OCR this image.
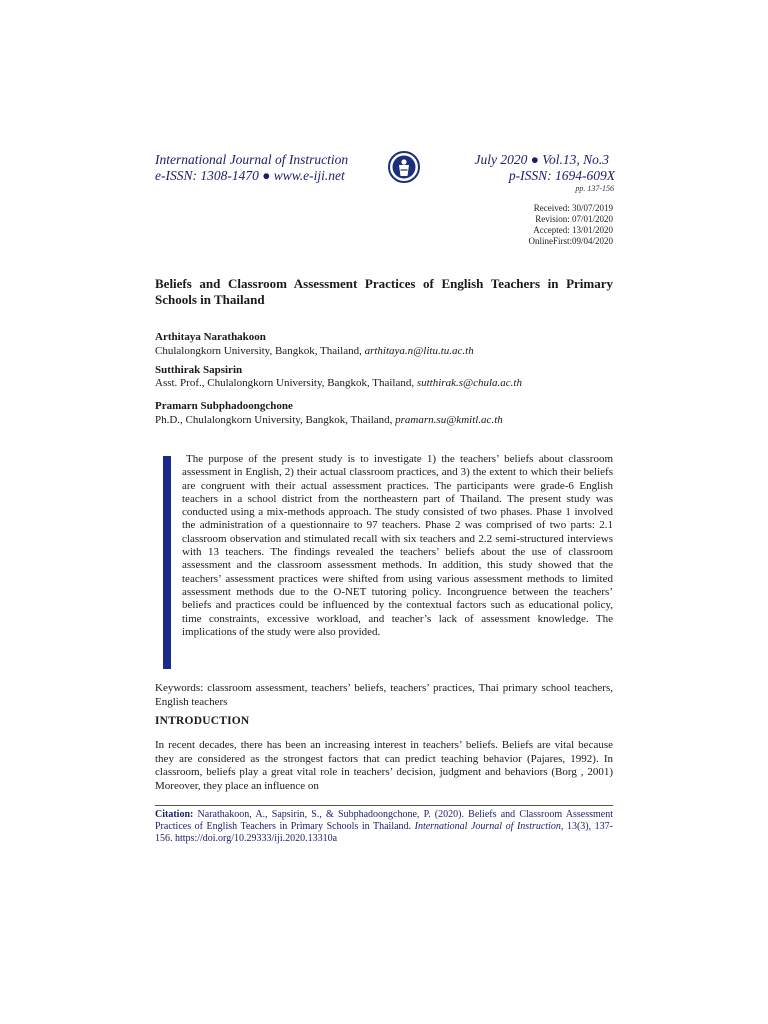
International Journal of Instruction
e-ISSN: 1308-1470 ● www.e-iji.net
July 2020 ● Vol.13, No.3
p-ISSN: 1694-609X
pp. 137-156
Received: 30/07/2019
Revision: 07/01/2020
Accepted: 13/01/2020
OnlineFirst:09/04/2020
Beliefs and Classroom Assessment Practices of English Teachers in Primary Schools in Thailand
Arthitaya Narathakoon
Chulalongkorn University, Bangkok, Thailand, arthitaya.n@litu.tu.ac.th
Sutthirak Sapsirin
Asst. Prof., Chulalongkorn University, Bangkok, Thailand, sutthirak.s@chula.ac.th
Pramarn Subphadoongchone
Ph.D., Chulalongkorn University, Bangkok, Thailand, pramarn.su@kmitl.ac.th
The purpose of the present study is to investigate 1) the teachers’ beliefs about classroom assessment in English, 2) their actual classroom practices, and 3) the extent to which their beliefs are congruent with their actual assessment practices. The participants were grade-6 English teachers in a school district from the northeastern part of Thailand. The present study was conducted using a mix-methods approach. The study consisted of two phases. Phase 1 involved the administration of a questionnaire to 97 teachers. Phase 2 was comprised of two parts: 2.1 classroom observation and stimulated recall with six teachers and 2.2 semi-structured interviews with 13 teachers. The findings revealed the teachers’ beliefs about the use of classroom assessment and the classroom assessment methods. In addition, this study showed that the teachers’ assessment practices were shifted from using various assessment methods to limited assessment methods due to the O-NET tutoring policy. Incongruence between the teachers’ beliefs and practices could be influenced by the contextual factors such as educational policy, time constraints, excessive workload, and teacher’s lack of assessment knowledge. The implications of the study were also provided.
Keywords: classroom assessment, teachers’ beliefs, teachers’ practices, Thai primary school teachers, English teachers
INTRODUCTION
In recent decades, there has been an increasing interest in teachers’ beliefs. Beliefs are vital because they are considered as the strongest factors that can predict teaching behavior (Pajares, 1992). In classroom, beliefs play a great vital role in teachers’ decision, judgment and behaviors (Borg , 2001) Moreover, they place an influence on
Citation: Narathakoon, A., Sapsirin, S., & Subphadoongchone, P. (2020). Beliefs and Classroom Assessment Practices of English Teachers in Primary Schools in Thailand. International Journal of Instruction, 13(3), 137-156. https://doi.org/10.29333/iji.2020.13310a
